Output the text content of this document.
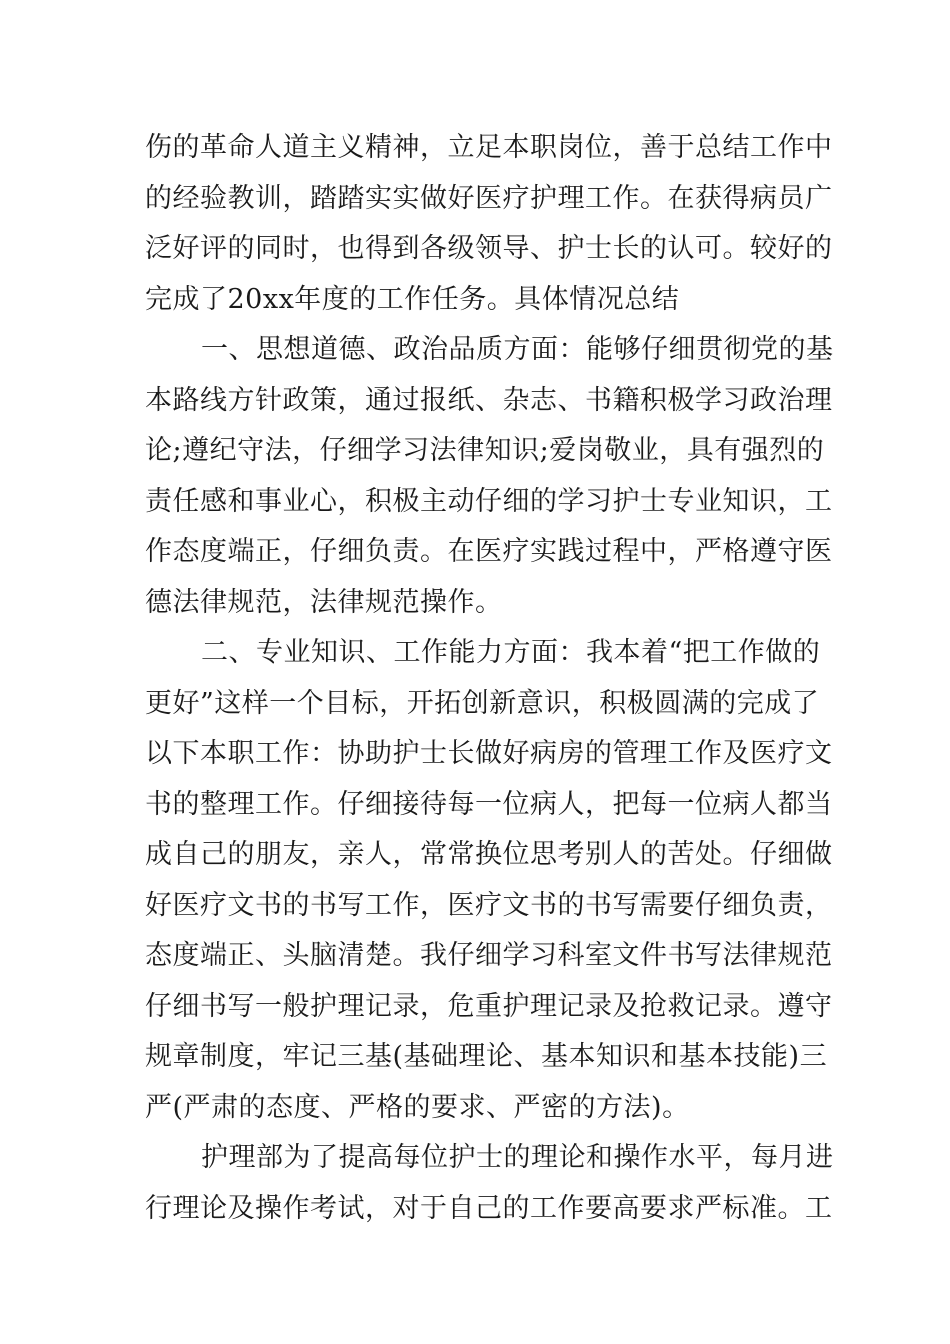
伤的革命人道主义精神，立足本职岗位，善于总结工作中
的经验教训，踏踏实实做好医疗护理工作。在获得病员广
泛好评的同时，也得到各级领导、护士长的认可。较好的
完成了20xx年度的工作任务。具体情况总结
一、思想道德、政治品质方面：能够仔细贯彻党的基
本路线方针政策，通过报纸、杂志、书籍积极学习政治理
论;遵纪守法，仔细学习法律知识;爱岗敬业，具有强烈的
责任感和事业心，积极主动仔细的学习护士专业知识，工
作态度端正，仔细负责。在医疗实践过程中，严格遵守医
德法律规范，法律规范操作。
二、专业知识、工作能力方面：我本着“把工作做的
更好”这样一个目标，开拓创新意识，积极圆满的完成了
以下本职工作：协助护士长做好病房的管理工作及医疗文
书的整理工作。仔细接待每一位病人，把每一位病人都当
成自己的朋友，亲人，常常换位思考别人的苦处。仔细做
好医疗文书的书写工作，医疗文书的书写需要仔细负责，
态度端正、头脑清楚。我仔细学习科室文件书写法律规范
仔细书写一般护理记录，危重护理记录及抢救记录。遵守
规章制度，牢记三基(基础理论、基本知识和基本技能)三
严(严肃的态度、严格的要求、严密的方法)。
护理部为了提高每位护士的理论和操作水平，每月进
行理论及操作考试，对于自己的工作要高要求严标准。工
